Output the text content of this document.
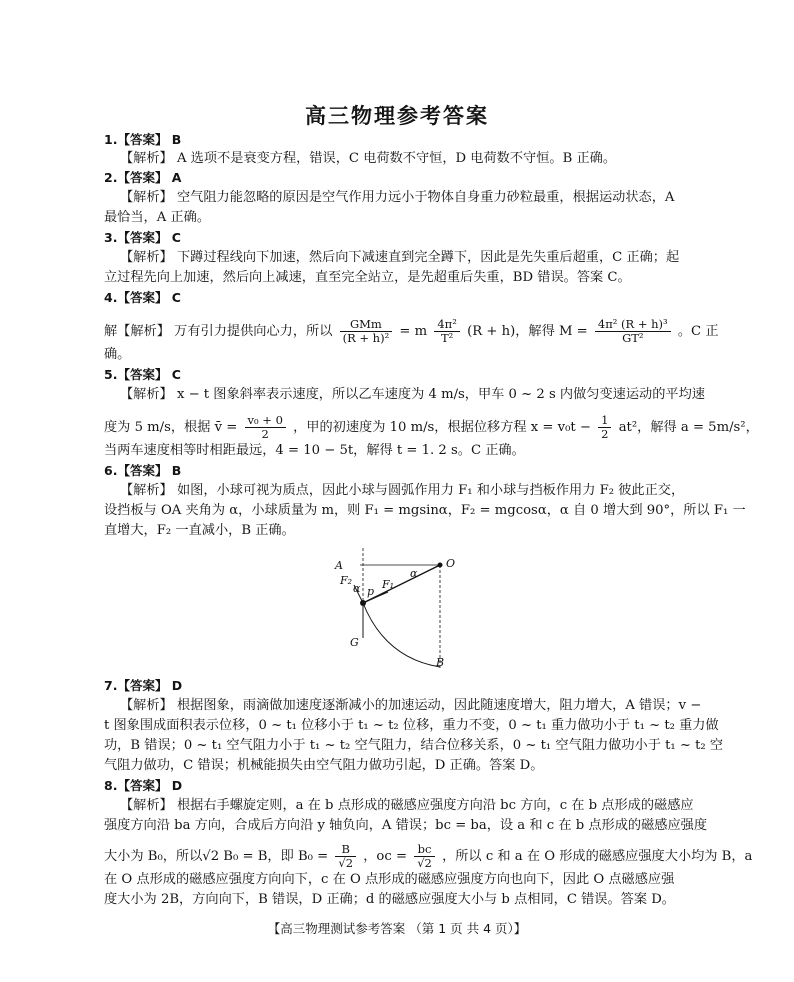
高三物理参考答案
1.【答案】 B
【解析】 A 选项不是衰变方程，错误，C 电荷数不守恒，D 电荷数不守恒。B 正确。
2.【答案】 A
【解析】 空气阻力能忽略的原因是空气作用力远小于物体自身重力砂粒最重，根据运动状态，A
最恰当，A 正确。
3.【答案】 C
【解析】 下蹲过程线向下加速，然后向下减速直到完全蹲下，因此是先失重后超重，C 正确；起
立过程先向上加速，然后向上减速，直至完全站立，是先超重后失重，BD 错误。答案 C。
4.【答案】 C
解【解析】 万有引力提供向心力，所以 $\frac{\text{GMm}}{\text{(R + h)²}} = m \frac{\text{4π²}}{\text{T²}} (R + h)$，解得 $M = \frac{\text{4π² (R + h)³}}{\text{GT²}}$ 。C 正
确。
5.【答案】 C
【解析】 x − t 图象斜率表示速度，所以乙车速度为 4 m/s，甲车 0 ~ 2 s 内做匀变速运动的平均速
度为 5 m/s，根据 v̄ = $\frac{\text{v₀ + 0}}{2}$ ，甲的初速度为 10 m/s，根据位移方程 $x = v_0t - \frac{1}{2} at^2$，解得 a = 5m/s²，
当两车速度相等时相距最远，4 = 10 − 5t，解得 t = 1. 2 s。C 正确。
6.【答案】 B
【解析】 如图，小球可视为质点，因此小球与圆弧作用力 F₁ 和小球与挡板作用力 F₂ 彼此正交，
设挡板与 OA 夹角为 α，小球质量为 m，则 F₁ = mgsinα，F₂ = mgcosα，α 自 0 增大到 90°，所以 F₁ 一
直增大，F₂ 一直减小，B 正确。
A	O
F₂
α p
F₁
α
G
B
7.【答案】 D
【解析】 根据图象，雨滴做加速度逐渐减小的加速运动，因此随速度增大，阻力增大，A 错误；v −
t 图象围成面积表示位移，0 ~ t₁ 位移小于 t₁ ~ t₂ 位移，重力不变，0 ~ t₁ 重力做功小于 t₁ ~ t₂ 重力做
功，B 错误；0 ~ t₁ 空气阻力小于 t₁ ~ t₂ 空气阻力，结合位移关系，0 ~ t₁ 空气阻力做功小于 t₁ ~ t₂ 空
气阻力做功，C 错误；机械能损失由空气阻力做功引起，D 正确。答案 D。
8.【答案】 D
【解析】 根据右手螺旋定则，a 在 b 点形成的磁感应强度方向沿 bc 方向，c 在 b 点形成的磁感应
强度方向沿 ba 方向，合成后方向沿 y 轴负向，A 错误；bc = ba，设 a 和 c 在 b 点形成的磁感应强度
大小为 B₀，所以√2 B₀ = B，即 $B_0 = \frac{B}{√2}$ ，oc = $\frac{bc}{√2}$ ，所以 c 和 a 在 O 形成的磁感应强度大小均为 B，a
在 O 点形成的磁感应强度方向向下，c 在 O 点形成的磁感应强度方向也向下，因此 O 点磁感应强
度大小为 2B，方向向下，B 错误，D 正确；d 的磁感应强度大小与 b 点相同，C 错误。答案 D。
【高三物理测试参考答案 （第 1 页 共 4 页）】
